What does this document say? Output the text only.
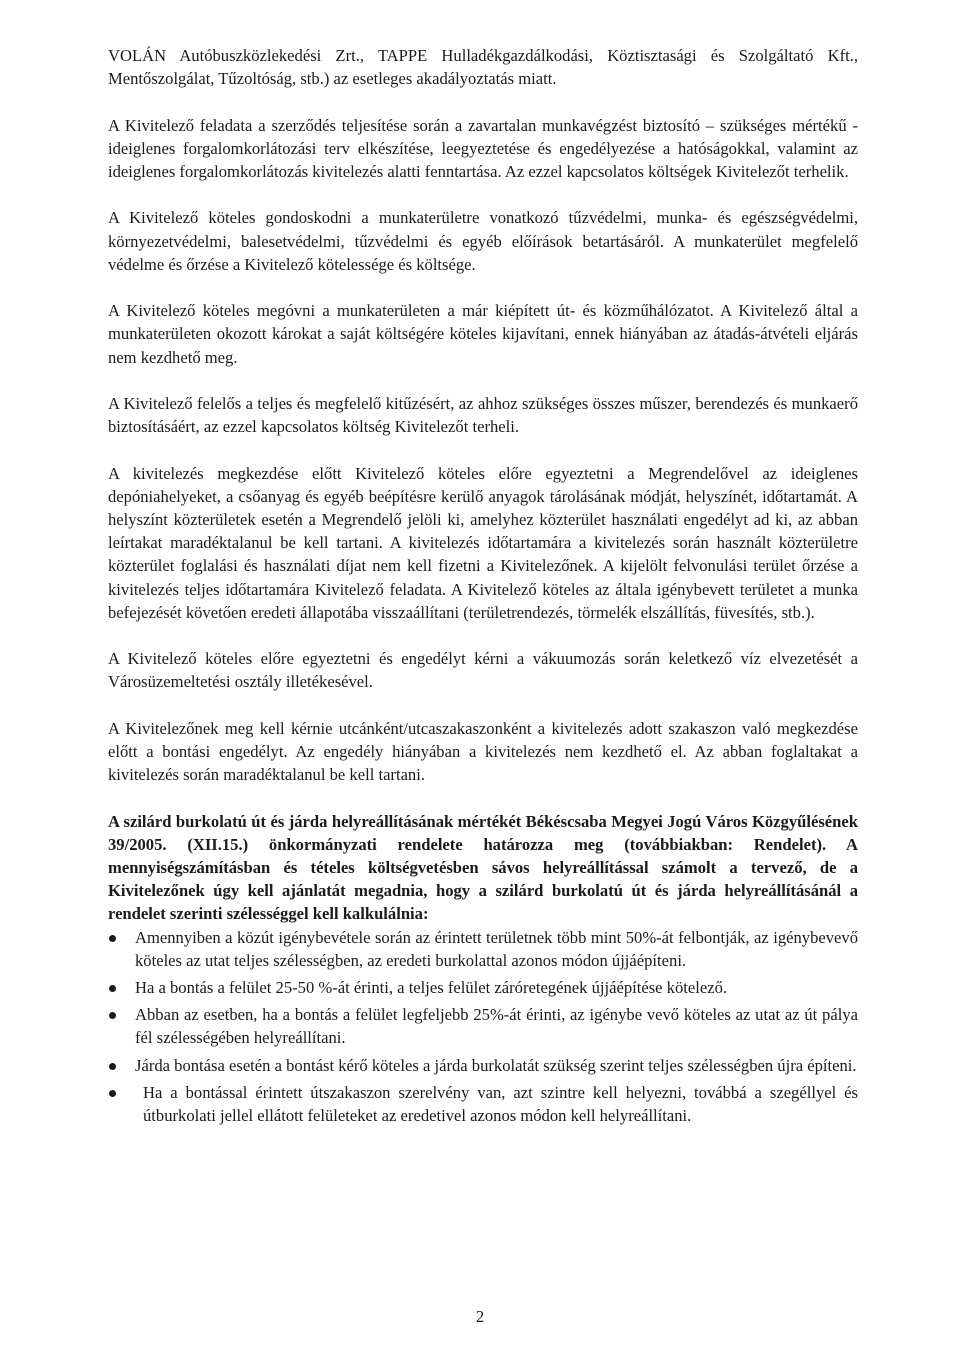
VOLÁN Autóbuszközlekedési Zrt., TAPPE Hulladékgazdálkodási, Köztisztasági és Szolgáltató Kft., Mentőszolgálat, Tűzoltóság, stb.) az esetleges akadályoztatás miatt.

A Kivitelező feladata a szerződés teljesítése során a zavartalan munkavégzést biztosító – szükséges mértékű - ideiglenes forgalomkorlátozási terv elkészítése, leegyeztetése és engedélyezése a hatóságokkal, valamint az ideiglenes forgalomkorlátozás kivitelezés alatti fenntartása. Az ezzel kapcsolatos költségek Kivitelezőt terhelik.

A Kivitelező köteles gondoskodni a munkaterületre vonatkozó tűzvédelmi, munka- és egészségvédelmi, környezetvédelmi, balesetvédelmi, tűzvédelmi és egyéb előírások betartásáról. A munkaterület megfelelő védelme és őrzése a Kivitelező kötelessége és költsége.

A Kivitelező köteles megóvni a munkaterületen a már kiépített út- és közműhálózatot. A Kivitelező által a munkaterületen okozott károkat a saját költségére köteles kijavítani, ennek hiányában az átadás-átvételi eljárás nem kezdhető meg.

A Kivitelező felelős a teljes és megfelelő kitűzésért, az ahhoz szükséges összes műszer, berendezés és munkaerő biztosításáért, az ezzel kapcsolatos költség Kivitelezőt terheli.

A kivitelezés megkezdése előtt Kivitelező köteles előre egyeztetni a Megrendelővel az ideiglenes depóniahelyeket, a csőanyag és egyéb beépítésre kerülő anyagok tárolásának módját, helyszínét, időtartamát. A helyszínt közterületek esetén a Megrendelő jelöli ki, amelyhez közterület használati engedélyt ad ki, az abban leírtakat maradéktalanul be kell tartani. A kivitelezés időtartamára a kivitelezés során használt közterületre közterület foglalási és használati díjat nem kell fizetni a Kivitelezőnek. A kijelölt felvonulási terület őrzése a kivitelezés teljes időtartamára Kivitelező feladata. A Kivitelező köteles az általa igénybevett területet a munka befejezését követően eredeti állapotába visszaállítani (területrendezés, törmelék elszállítás, füvesítés, stb.).

A Kivitelező köteles előre egyeztetni és engedélyt kérni a vákuumozás során keletkező víz elvezetését a Városüzemeltetési osztály illetékesével.

A Kivitelezőnek meg kell kérnie utcánként/utcaszakaszonként a kivitelezés adott szakaszon való megkezdése előtt a bontási engedélyt. Az engedély hiányában a kivitelezés nem kezdhető el. Az abban foglaltakat a kivitelezés során maradéktalanul be kell tartani.

A szilárd burkolatú út és járda helyreállításának mértékét Békéscsaba Megyei Jogú Város Közgyűlésének 39/2005. (XII.15.) önkormányzati rendelete határozza meg (továbbiakban: Rendelet). A mennyiségszámításban és tételes költségvetésben sávos helyreállítással számolt a tervező, de a Kivitelezőnek úgy kell ajánlatát megadnia, hogy a szilárd burkolatú út és járda helyreállításánál a rendelet szerinti szélességgel kell kalkulálnia:

Amennyiben a közút igénybevétele során az érintett területnek több mint 50%-át felbontják, az igénybevevő köteles az utat teljes szélességben, az eredeti burkolattal azonos módon újjáépíteni.
Ha a bontás a felület 25-50 %-át érinti, a teljes felület záróretegének újjáépítése kötelező.
Abban az esetben, ha a bontás a felület legfeljebb 25%-át érinti, az igénybe vevő köteles az utat az út pálya fél szélességében helyreállítani.
Járda bontása esetén a bontást kérő köteles a járda burkolatát szükség szerint teljes szélességben újra építeni.
Ha a bontással érintett útszakaszon szerelvény van, azt szintre kell helyezni, továbbá a szegéllyel és útburkolati jellel ellátott felületeket az eredetivel azonos módon kell helyreállítani.
2
